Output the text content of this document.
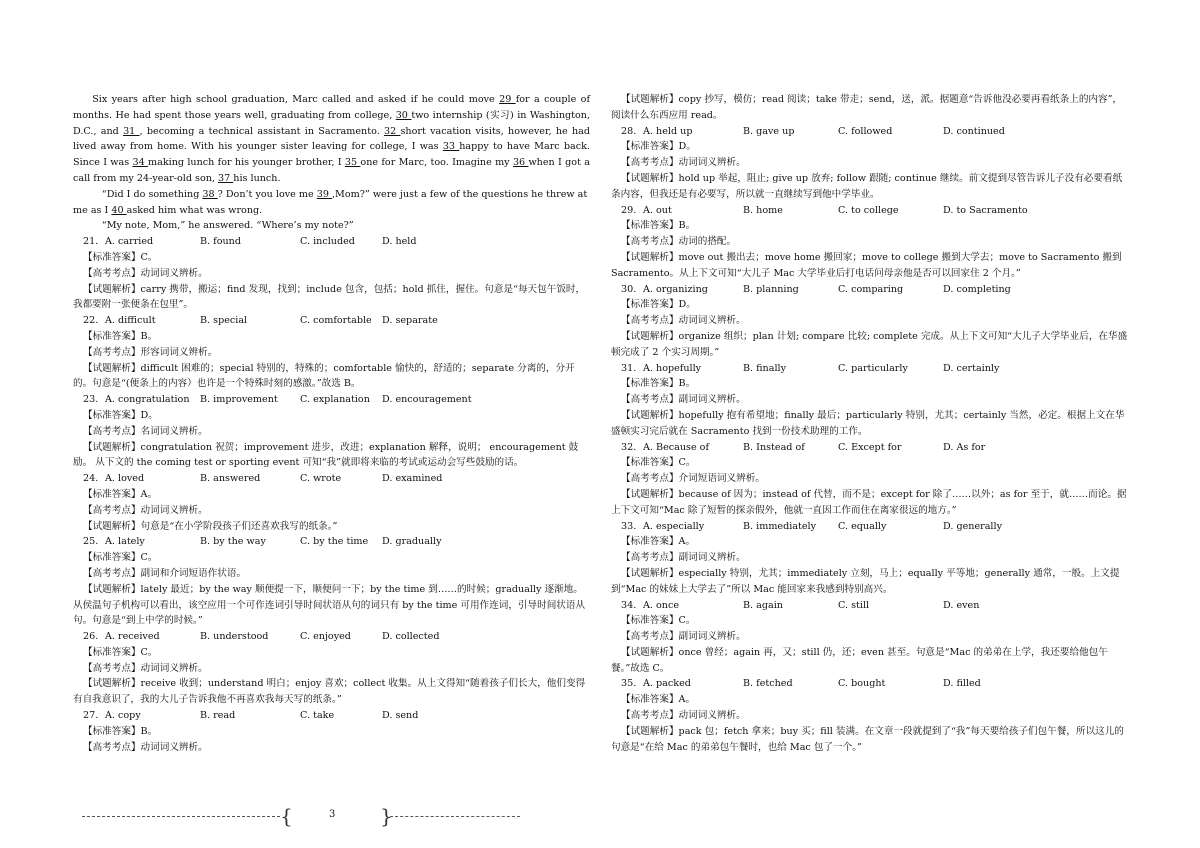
Six years after high school graduation, Marc called and asked if he could move 29 for a couple of months. He had spent those years well, graduating from college, 30 two internship (实习) in Washington, D.C., and 31 , becoming a technical assistant in Sacramento. 32 short vacation visits, however, he had lived away from home. With his younger sister leaving for college, I was 33 happy to have Marc back. Since I was 34 making lunch for his younger brother, I 35 one for Marc, too. Imagine my 36 when I got a call from my 24-year-old son, 37 his lunch.

“Did I do something 38 ? Don’t you love me 39 ,Mom?” were just a few of the questions he threw at me as I 40 asked him what was wrong.

“My note, Mom,” he answered. “Where’s my note?”

21. A. carried	B. found	C. included	D. held

【标准答案】C。

【高考考点】动词词义辨析。

【试题解析】carry 携带，搬运；find 发现，找到；include 包含，包括；hold 抓住，握住。句意是“每天包午饭时，我都要附一张便条在包里”。

22. A. difficult	B. special	C. comfortable D. separate

【标准答案】B。

【高考考点】形容词词义辨析。

【试题解析】difficult 困难的；special 特别的，特殊的；comfortable 愉快的，舒适的；separate 分离的，分开的。句意是“(便条上的内容）也许是一个特殊时刻的感激。”故选 B。

23. A. congratulation B. improvement C. explanation D. encouragement

【标准答案】D。

【高考考点】名词词义辨析。

【试题解析】congratulation 祝贺；improvement 进步，改进；explanation 解释，说明； encouragement 鼓励。 从下文的 the coming test or sporting event 可知“我”就即将来临的考试或运动会写些鼓励的话。

24. A. loved	B. answered	C. wrote	D. examined

【标准答案】A。

【高考考点】动词词义辨析。

【试题解析】句意是“在小学阶段孩子们还喜欢我写的纸条。”

25. A. lately	B. by the way	C. by the time D. gradually

【标准答案】C。

【高考考点】副词和介词短语作状语。

【试题解析】lately 最近；by the way 顺便提一下，顺便问一下；by the time 到……的时候；gradually 逐渐地。从侯温句子机构可以看出，该空应用一个可作连词引导时间状语从句的词只有 by the time 可用作连词，引导时间状语从句。句意是“到上中学的时候。”

26. A. received	B. understood	C. enjoyed	D. collected

【标准答案】C。

【高考考点】动词词义辨析。

【试题解析】receive 收到；understand 明白；enjoy 喜欢；collect 收集。从上文得知“随着孩子们长大，他们变得有自我意识了，我的大儿子告诉我他不再喜欢我每天写的纸条。”

27. A. copy	B. read	C. take	D. send

【标准答案】B。

【高考考点】动词词义辨析。

【试题解析】copy 抄写，模仿；read 阅读；take 带走；send，送，派。据题意“告诉他没必要再看纸条上的内容”，阅读什么东西应用 read。

28. A. held up	B. gave up	C. followed	D. continued

【标准答案】D。

【高考考点】动词词义辨析。

【试题解析】hold up 举起，阻止; give up 放弃; follow 跟随; continue 继续。前文提到尽管告诉儿子没有必要看纸条内容，但我还是有必要写，所以就一直继续写到他中学毕业。

29. A. out	B. home	C. to college	D. to Sacramento

【标准答案】B。

【高考考点】动词的搭配。

【试题解析】move out 搬出去；move home 搬回家；move to college 搬到大学去；move to Sacramento 搬到 Sacramento。从上下文可知“大儿子 Mac 大学毕业后打电话问母亲他是否可以回家住 2 个月。”

30. A. organizing	B. planning	C. comparing	D. completing

【标准答案】D。

【高考考点】动词词义辨析。

【试题解析】organize 组织；plan 计划; compare 比较; complete 完成。从上下文可知“大儿子大学毕业后，在华盛顿完成了 2 个实习周期。”

31. A. hopefully	B. finally	C. particularly	D. certainly

【标准答案】B。

【高考考点】副词词义辨析。

【试题解析】hopefully 抱有希望地；finally 最后；particularly 特别，尤其；certainly 当然，必定。根据上文在华盛顿实习完后就在 Sacramento 找到一份技术助理的工作。

32. A. Because of	B. Instead of	C. Except for	D. As for

【标准答案】C。

【高考考点】介词短语词义辨析。

【试题解析】because of 因为；instead of 代替，而不是；except for 除了……以外；as for 至于，就……而论。据上下文可知“Mac 除了短暂的探亲假外，他就一直因工作而住在离家很远的地方。”

33. A. especially	B. immediately C. equally	D. generally

【标准答案】A。

【高考考点】副词词义辨析。

【试题解析】especially 特别，尤其；immediately 立刻，马上；equally 平等地；generally 通常，一般。上文提到“Mac 的妹妹上大学去了”所以 Mac 能回家来我感到特别高兴。

34. A. once	B. again	C. still	D. even

【标准答案】C。

【高考考点】副词词义辨析。

【试题解析】once 曾经；again 再，又；still 仍，还；even 甚至。句意是“Mac 的弟弟在上学，我还要给他包午餐。”故选 C。

35. A. packed	B. fetched	C. bought	D. filled

【标准答案】A。

【高考考点】动词词义辨析。

【试题解析】pack 包；fetch 拿来；buy 买；fill 装满。在文章一段就提到了“我”每天要给孩子们包午餐，所以这儿的句意是“在给 Mac 的弟弟包午餐时，也给 Mac 包了一个。”

{	3 }
